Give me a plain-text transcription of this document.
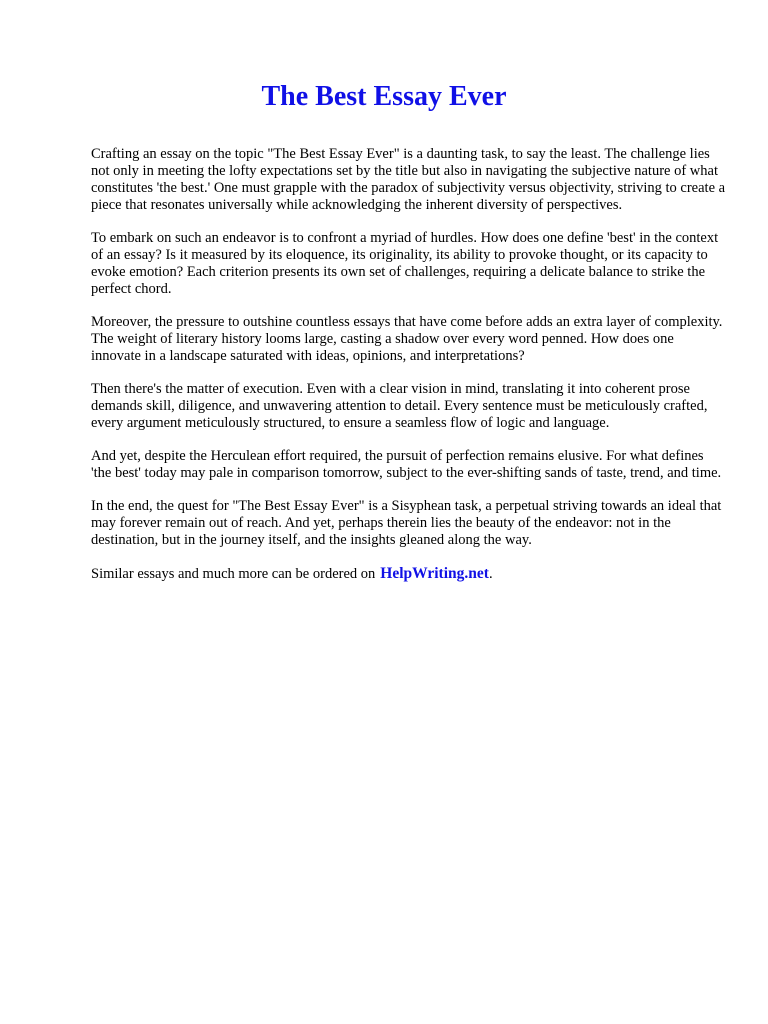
The Best Essay Ever

Crafting an essay on the topic "The Best Essay Ever" is a daunting task, to say the least. The challenge lies not only in meeting the lofty expectations set by the title but also in navigating the subjective nature of what constitutes 'the best.' One must grapple with the paradox of subjectivity versus objectivity, striving to create a piece that resonates universally while acknowledging the inherent diversity of perspectives.

To embark on such an endeavor is to confront a myriad of hurdles. How does one define 'best' in the context of an essay? Is it measured by its eloquence, its originality, its ability to provoke thought, or its capacity to evoke emotion? Each criterion presents its own set of challenges, requiring a delicate balance to strike the perfect chord.

Moreover, the pressure to outshine countless essays that have come before adds an extra layer of complexity. The weight of literary history looms large, casting a shadow over every word penned. How does one innovate in a landscape saturated with ideas, opinions, and interpretations?

Then there's the matter of execution. Even with a clear vision in mind, translating it into coherent prose demands skill, diligence, and unwavering attention to detail. Every sentence must be meticulously crafted, every argument meticulously structured, to ensure a seamless flow of logic and language.

And yet, despite the Herculean effort required, the pursuit of perfection remains elusive. For what defines 'the best' today may pale in comparison tomorrow, subject to the ever-shifting sands of taste, trend, and time.

In the end, the quest for "The Best Essay Ever" is a Sisyphean task, a perpetual striving towards an ideal that may forever remain out of reach. And yet, perhaps therein lies the beauty of the endeavor: not in the destination, but in the journey itself, and the insights gleaned along the way.

Similar essays and much more can be ordered on HelpWriting.net.
